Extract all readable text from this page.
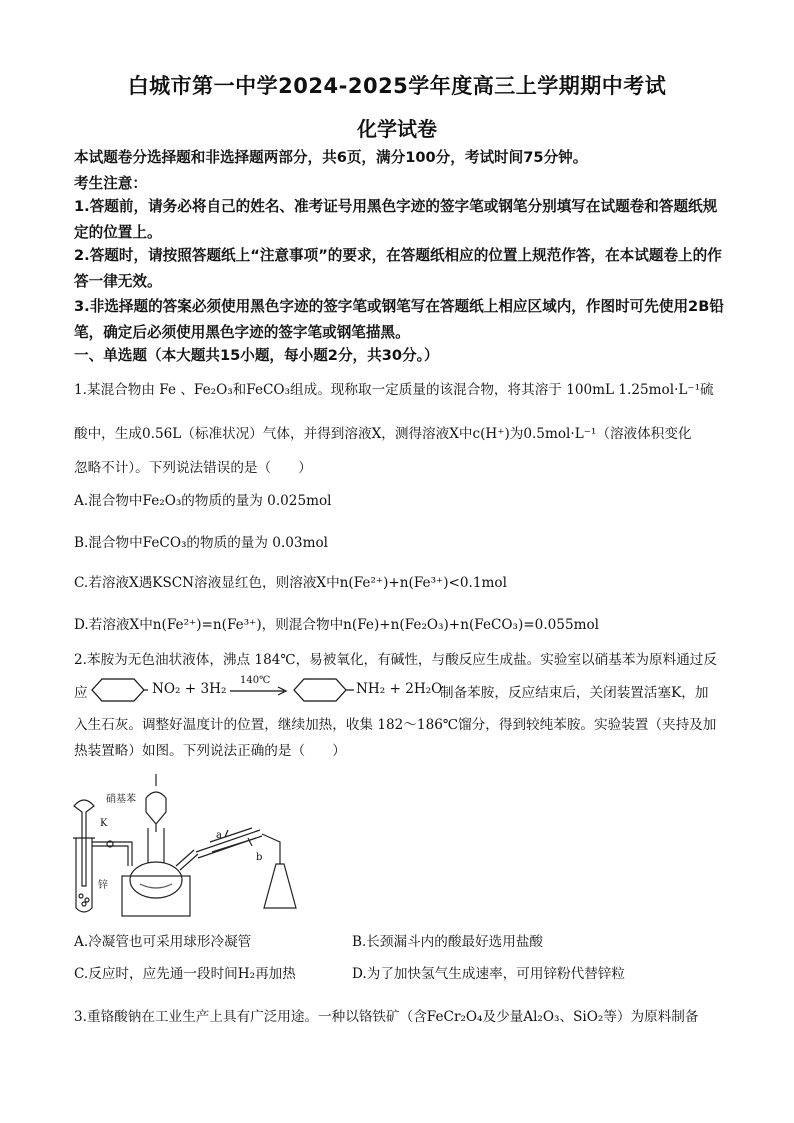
白城市第一中学2024-2025学年度高三上学期期中考试
化学试卷
本试题卷分选择题和非选择题两部分，共6页，满分100分，考试时间75分钟。
考生注意：
1.答题前，请务必将自己的姓名、准考证号用黑色字迹的签字笔或钢笔分别填写在试题卷和答题纸规定的位置上。
2.答题时，请按照答题纸上“注意事项”的要求，在答题纸相应的位置上规范作答，在本试题卷上的作答一律无效。
3.非选择题的答案必须使用黑色字迹的签字笔或钢笔写在答题纸上相应区域内，作图时可先使用2B铅笔，确定后必须使用黑色字迹的签字笔或钢笔描黑。
一、单选题（本大题共15小题，每小题2分，共30分。）
1.某混合物由 Fe 、Fe₂O₃和FeCO₃组成。现称取一定质量的该混合物，将其溶于 100mL 1.25mol·L⁻¹硫
酸中，生成0.56L（标准状况）气体，并得到溶液X，测得溶液X中c(H⁺)为0.5mol·L⁻¹（溶液体积变化
忽略不计）。下列说法错误的是（　　）
A.混合物中Fe₂O₃的物质的量为 0.025mol
B.混合物中FeCO₃的物质的量为 0.03mol
C.若溶液X遇KSCN溶液显红色，则溶液X中n(Fe²⁺)+n(Fe³⁺)<0.1mol
D.若溶液X中n(Fe²⁺)=n(Fe³⁺)，则混合物中n(Fe)+n(Fe₂O₃)+n(FeCO₃)=0.055mol
2.苯胺为无色油状液体，沸点 184℃，易被氧化，有碱性，与酸反应生成盐。实验室以硝基苯为原料通过反
应	NO₂ + 3H₂
140℃
NH₂ + 2H₂O
制备苯胺，反应结束后，关闭装置活塞K，加
入生石灰。调整好温度计的位置，继续加热，收集 182～186℃馏分，得到较纯苯胺。实验装置（夹持及加
热装置略）如图。下列说法正确的是（　　）
硝基苯
K
锌
a
b
A.冷凝管也可采用球形冷凝管	B.长颈漏斗内的酸最好选用盐酸
C.反应时，应先通一段时间H₂再加热	D.为了加快氢气生成速率，可用锌粉代替锌粒
3.重铬酸钠在工业生产上具有广泛用途。一种以铬铁矿（含FeCr₂O₄及少量Al₂O₃、SiO₂等）为原料制备
